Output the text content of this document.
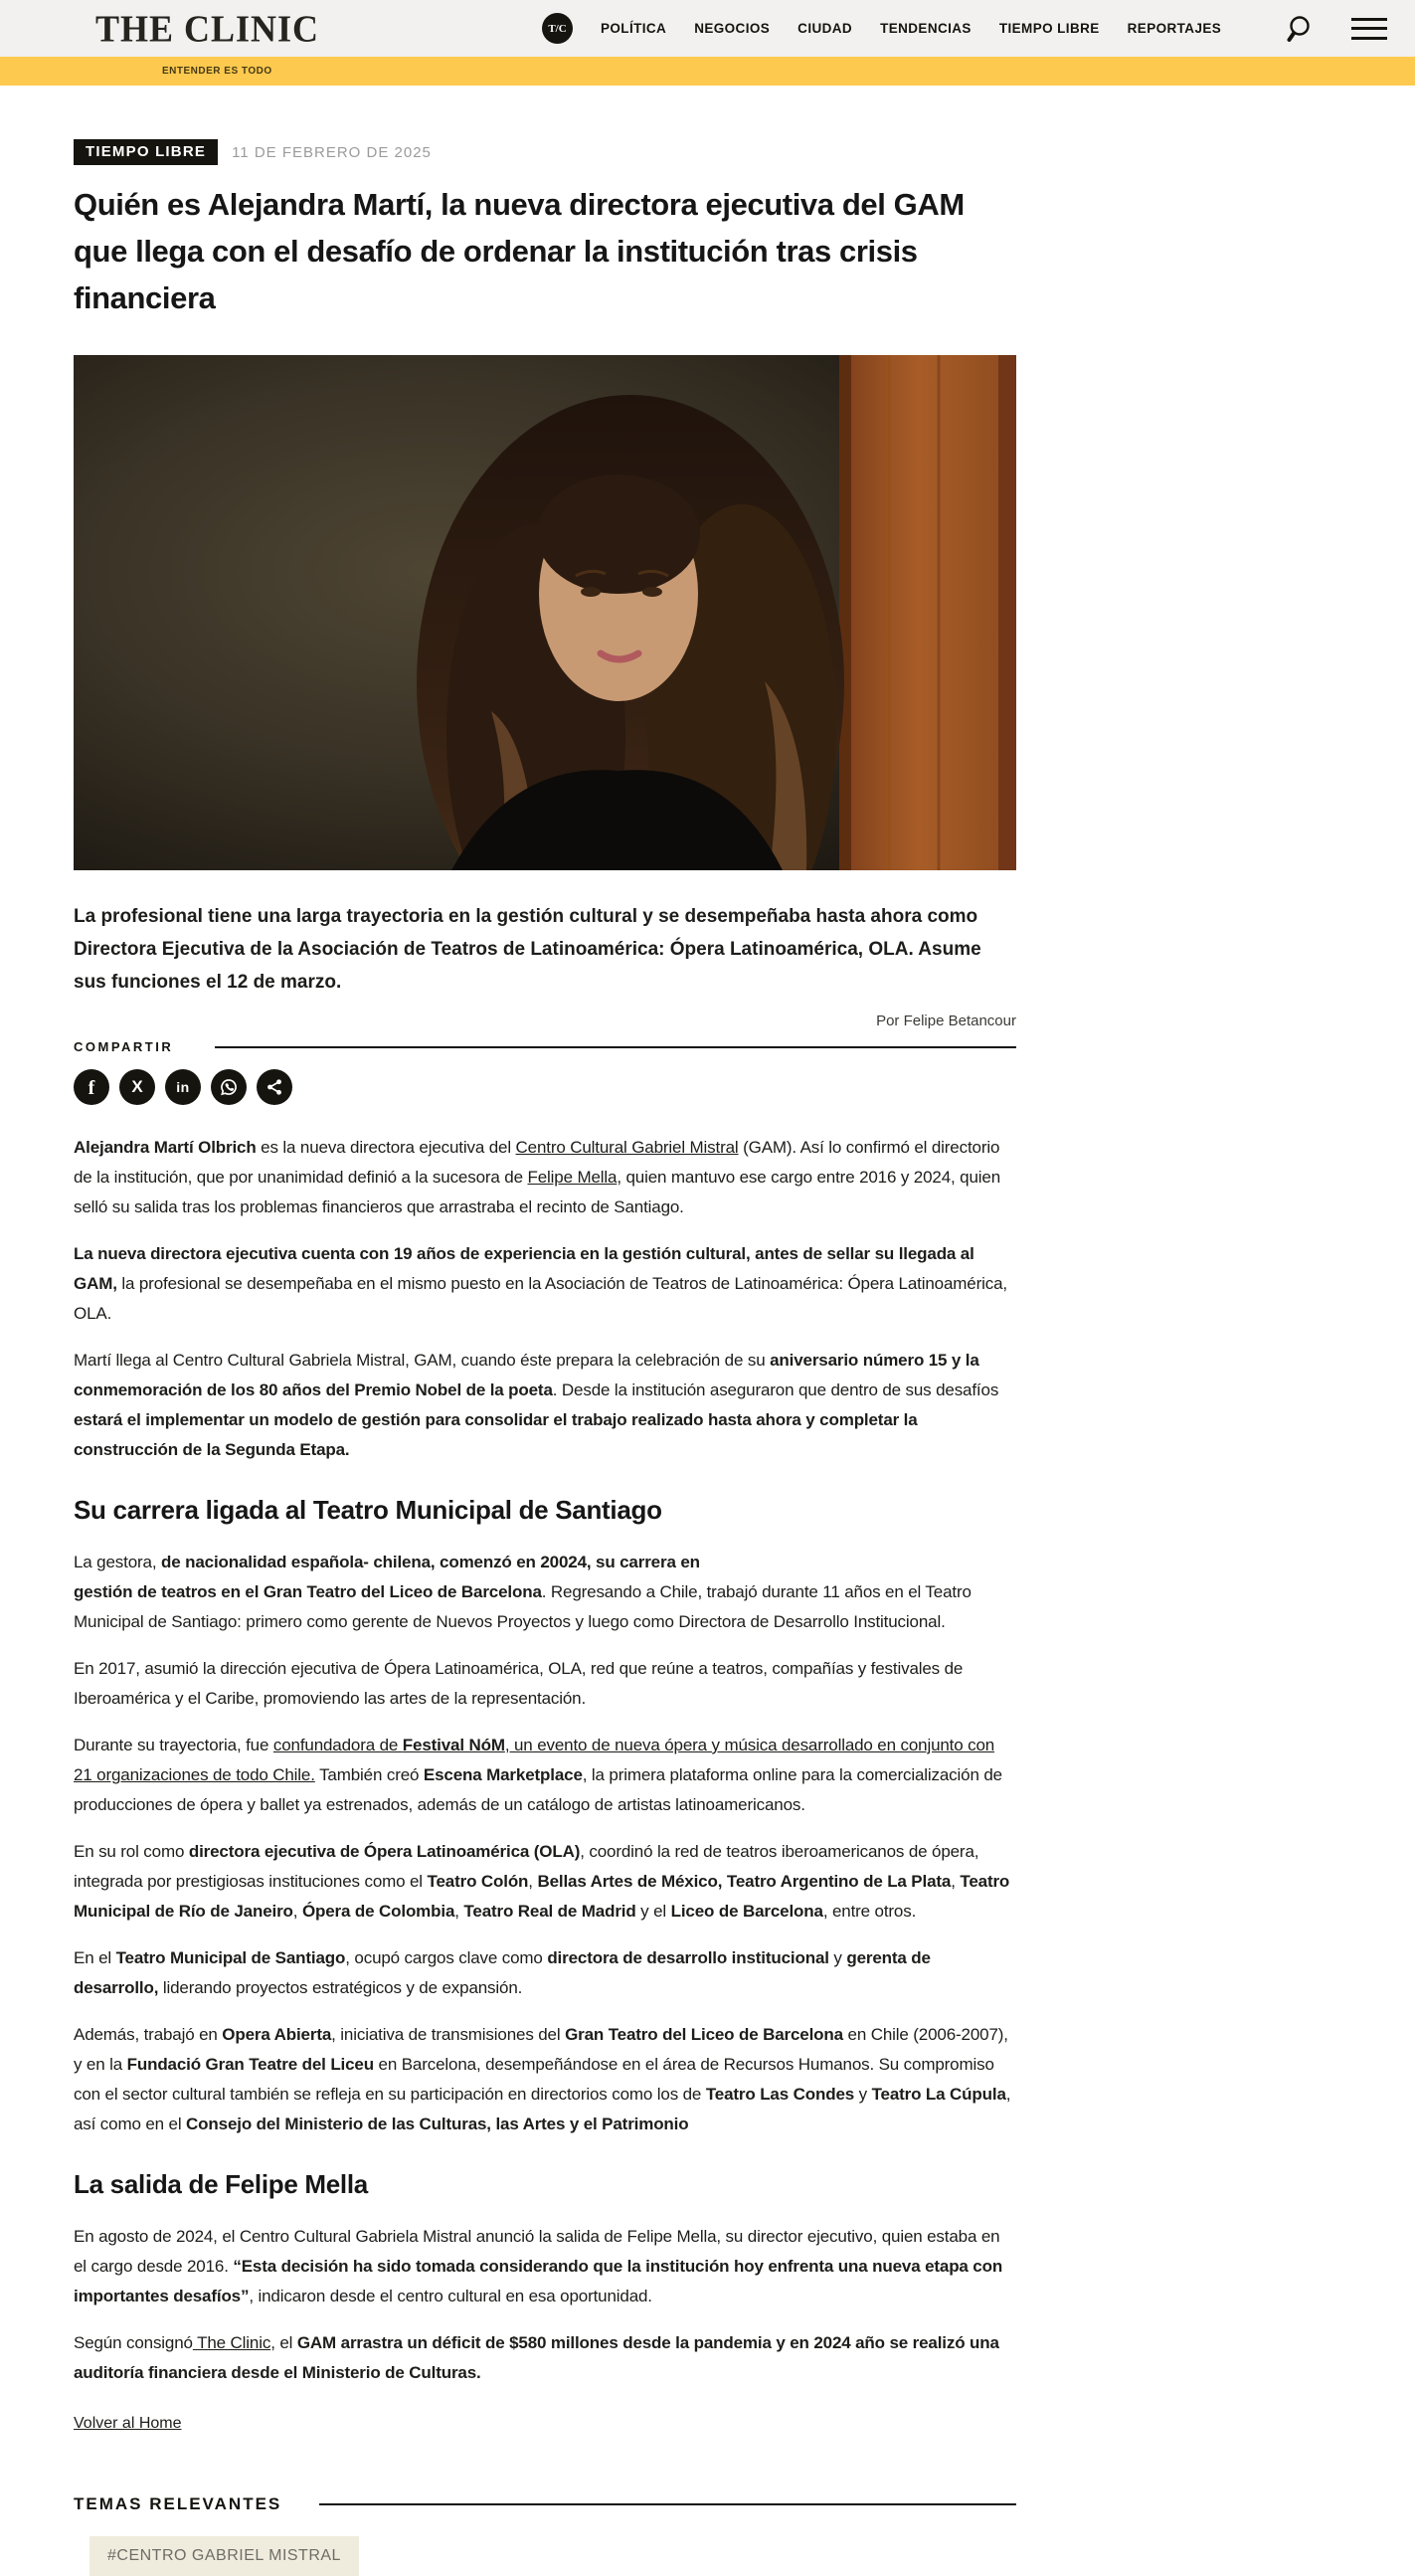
THE CLINIC	T/C	POLÍTICA NEGOCIOS CIUDAD TENDENCIAS TIEMPO LIBRE REPORTAJES
ENTENDER ES TODO
TIEMPO LIBRE	11 DE FEBRERO DE 2025
Quién es Alejandra Martí, la nueva directora ejecutiva del GAM que llega con el desafío de ordenar la institución tras crisis financiera

La profesional tiene una larga trayectoria en la gestión cultural y se desempeñaba hasta ahora como Directora Ejecutiva de la Asociación de Teatros de Latinoamérica: Ópera Latinoamérica, OLA. Asume sus funciones el 12 de marzo.

Por Felipe Betancour
COMPARTIR
f X in

Alejandra Martí Olbrich es la nueva directora ejecutiva del Centro Cultural Gabriel Mistral (GAM). Así lo confirmó el directorio de la institución, que por unanimidad definió a la sucesora de Felipe Mella, quien mantuvo ese cargo entre 2016 y 2024, quien selló su salida tras los problemas financieros que arrastraba el recinto de Santiago.

La nueva directora ejecutiva cuenta con 19 años de experiencia en la gestión cultural, antes de sellar su llegada al GAM, la profesional se desempeñaba en el mismo puesto en la Asociación de Teatros de Latinoamérica: Ópera Latinoamérica, OLA.

Martí llega al Centro Cultural Gabriela Mistral, GAM, cuando éste prepara la celebración de su aniversario número 15 y la conmemoración de los 80 años del Premio Nobel de la poeta. Desde la institución aseguraron que dentro de sus desafíos estará el implementar un modelo de gestión para consolidar el trabajo realizado hasta ahora y completar la construcción de la Segunda Etapa.

Su carrera ligada al Teatro Municipal de Santiago

La gestora, de nacionalidad española- chilena, comenzó en 20024, su carrera en
gestión de teatros en el Gran Teatro del Liceo de Barcelona. Regresando a Chile, trabajó durante 11 años en el Teatro Municipal de Santiago: primero como gerente de Nuevos Proyectos y luego como Directora de Desarrollo Institucional.

En 2017, asumió la dirección ejecutiva de Ópera Latinoamérica, OLA, red que reúne a teatros, compañías y festivales de Iberoamérica y el Caribe, promoviendo las artes de la representación.

Durante su trayectoria, fue confundadora de Festival NóM, un evento de nueva ópera y música desarrollado en conjunto con 21 organizaciones de todo Chile. También creó Escena Marketplace, la primera plataforma online para la comercialización de producciones de ópera y ballet ya estrenados, además de un catálogo de artistas latinoamericanos.

En su rol como directora ejecutiva de Ópera Latinoamérica (OLA), coordinó la red de teatros iberoamericanos de ópera, integrada por prestigiosas instituciones como el Teatro Colón, Bellas Artes de México, Teatro Argentino de La Plata, Teatro Municipal de Río de Janeiro, Ópera de Colombia, Teatro Real de Madrid y el Liceo de Barcelona, entre otros.

En el Teatro Municipal de Santiago, ocupó cargos clave como directora de desarrollo institucional y gerenta de desarrollo, liderando proyectos estratégicos y de expansión.

Además, trabajó en Opera Abierta, iniciativa de transmisiones del Gran Teatro del Liceo de Barcelona en Chile (2006-2007), y en la Fundació Gran Teatre del Liceu en Barcelona, desempeñándose en el área de Recursos Humanos. Su compromiso con el sector cultural también se refleja en su participación en directorios como los de Teatro Las Condes y Teatro La Cúpula, así como en el Consejo del Ministerio de las Culturas, las Artes y el Patrimonio

La salida de Felipe Mella

En agosto de 2024, el Centro Cultural Gabriela Mistral anunció la salida de Felipe Mella, su director ejecutivo, quien estaba en el cargo desde 2016. “Esta decisión ha sido tomada considerando que la institución hoy enfrenta una nueva etapa con importantes desafíos”, indicaron desde el centro cultural en esa oportunidad.

Según consignó The Clinic, el GAM arrastra un déficit de $580 millones desde la pandemia y en 2024 año se realizó una auditoría financiera desde el Ministerio de Culturas.

Volver al Home
TEMAS RELEVANTES
#CENTRO GABRIEL MISTRAL
